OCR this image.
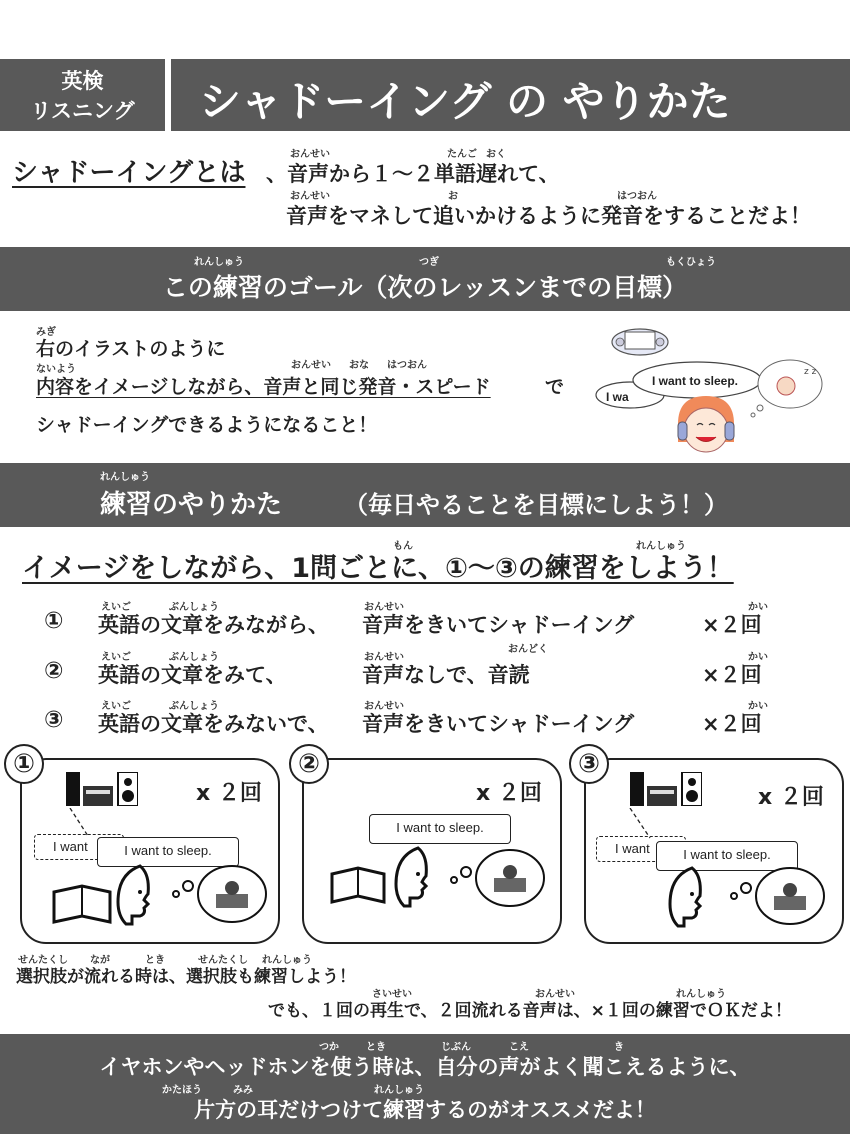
英検
リスニング	シャドーイング の やりかた
おんせい	たんご おく
シャドーイングとは 、音声から１～２単語遅れて、
おんせい	お	はつおん
音声をマネして追いかけるように発音をすることだよ！
れんしゅう	つぎ	もくひょう
この練習のゴール（次のレッスンまでの目標）
みぎ
右のイラストのように
ないよう	おんせい おな はつおん
内容をイメージしながら、音声と同じ発音・スピード	で
シャドーイングできるようになること！
I wa
I want to sleep.
z z
れんしゅう
練習のやりかた	（毎日やることを目標にしよう！）
もん	れんしゅう
イメージをしながら、1問ごとに、①～③の練習をしよう！
えいご	ぶんしょう	おんせい	かい
① 英語の文章をみながら、 音声をきいてシャドーイング	×２回
えいご	ぶんしょう	おんせい
おんどく
かい
② 英語の文章をみて、	音声なしで、音読	×２回
えいご	ぶんしょう	おんせい	かい
③ 英語の文章をみないで、 音声をきいてシャドーイング	×２回
①
x ２回
I want	I want to sleep.
②
x ２回
I want to sleep.
③
x ２回
I want	I want to sleep.
せんたくし なが	とき	せんたくし れんしゅう
選択肢が流れる時は、選択肢も練習しよう！
さいせい	おんせい	れんしゅう
でも、１回の再生で、２回流れる音声は、×１回の練習でＯＫだよ！
つか	とき	じぶん	こえ	き
イヤホンやヘッドホンを使う時は、自分の声がよく聞こえるように、
かたほう	みみ	れんしゅう
片方の耳だけつけて練習するのがオススメだよ！
